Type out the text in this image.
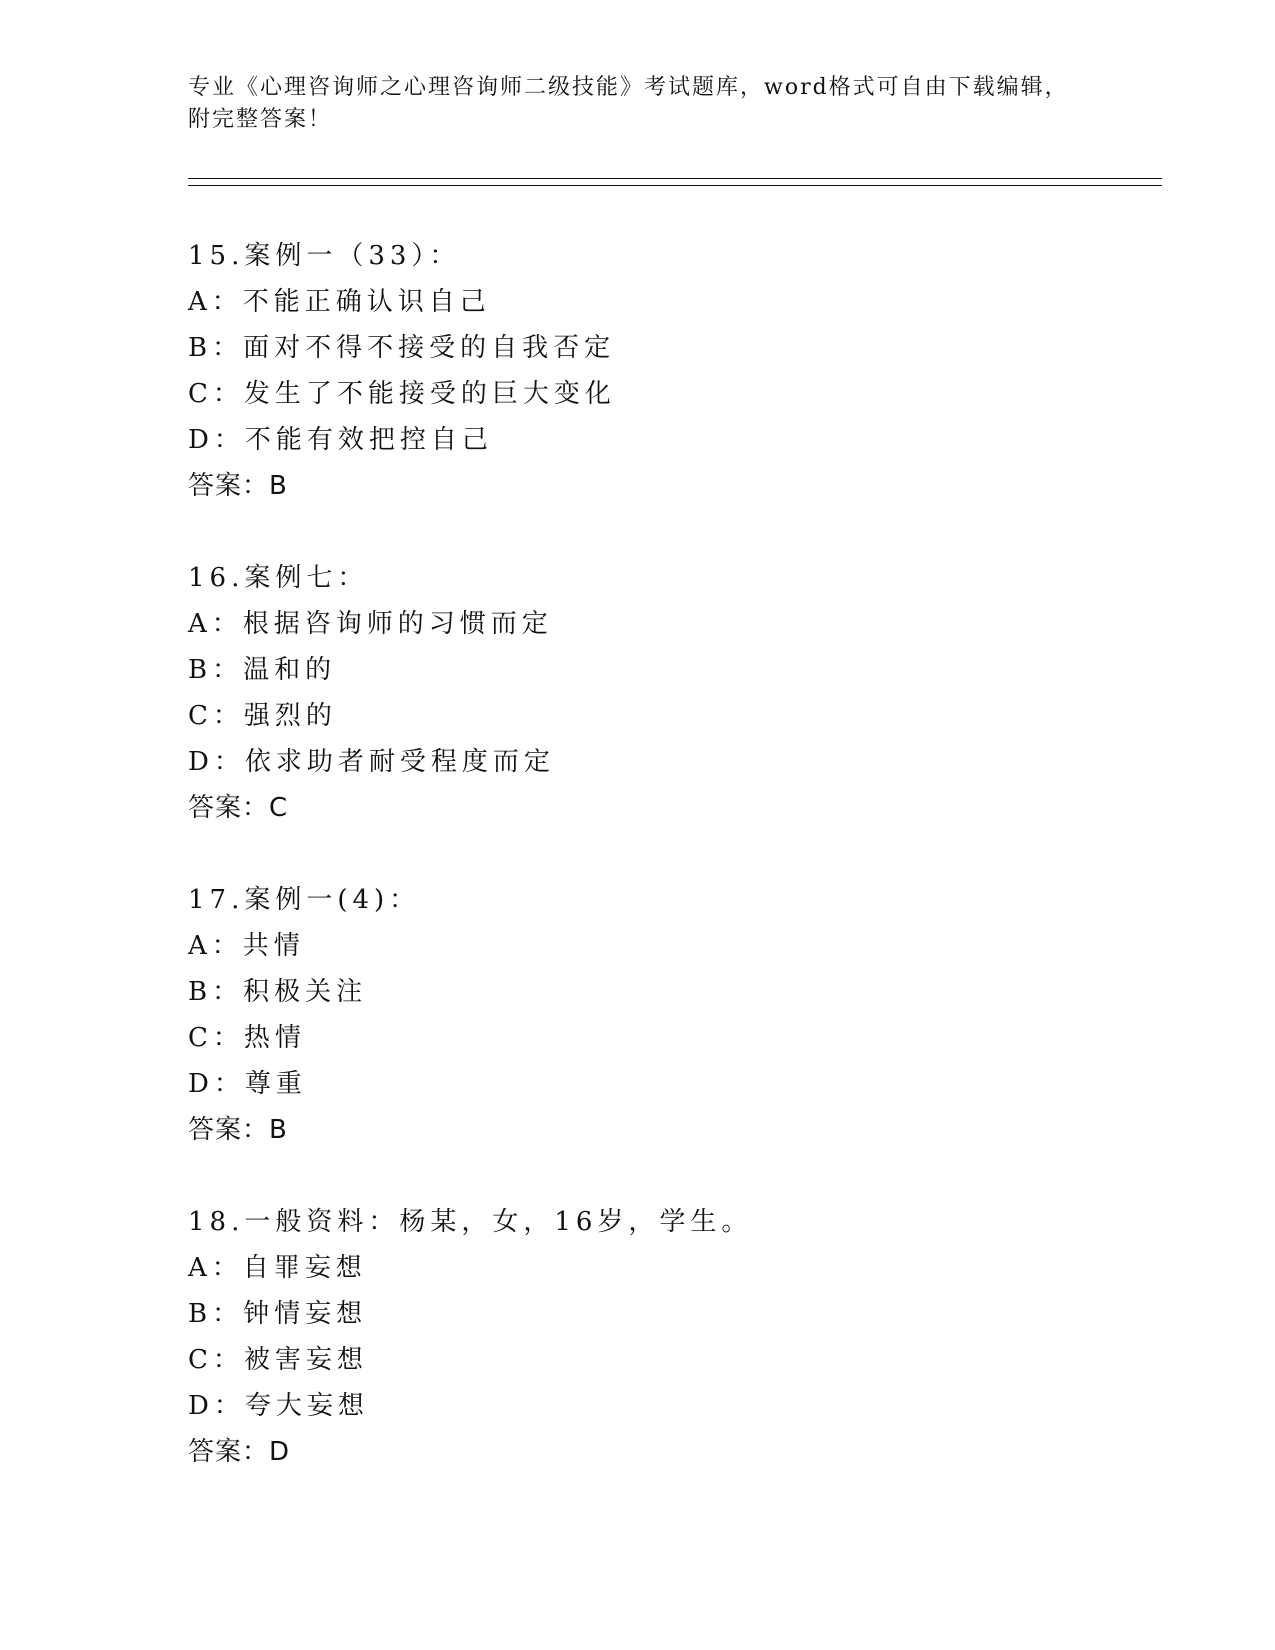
专业《心理咨询师之心理咨询师二级技能》考试题库，word格式可自由下载编辑，附完整答案！
15.案例一（33）：
A：不能正确认识自己
B：面对不得不接受的自我否定
C：发生了不能接受的巨大变化
D：不能有效把控自己
答案：B
16.案例七：
A：根据咨询师的习惯而定
B：温和的
C：强烈的
D：依求助者耐受程度而定
答案：C
17.案例一(4)：
A：共情
B：积极关注
C：热情
D：尊重
答案：B
18.一般资料：杨某，女，16岁，学生。
A：自罪妄想
B：钟情妄想
C：被害妄想
D：夸大妄想
答案：D
